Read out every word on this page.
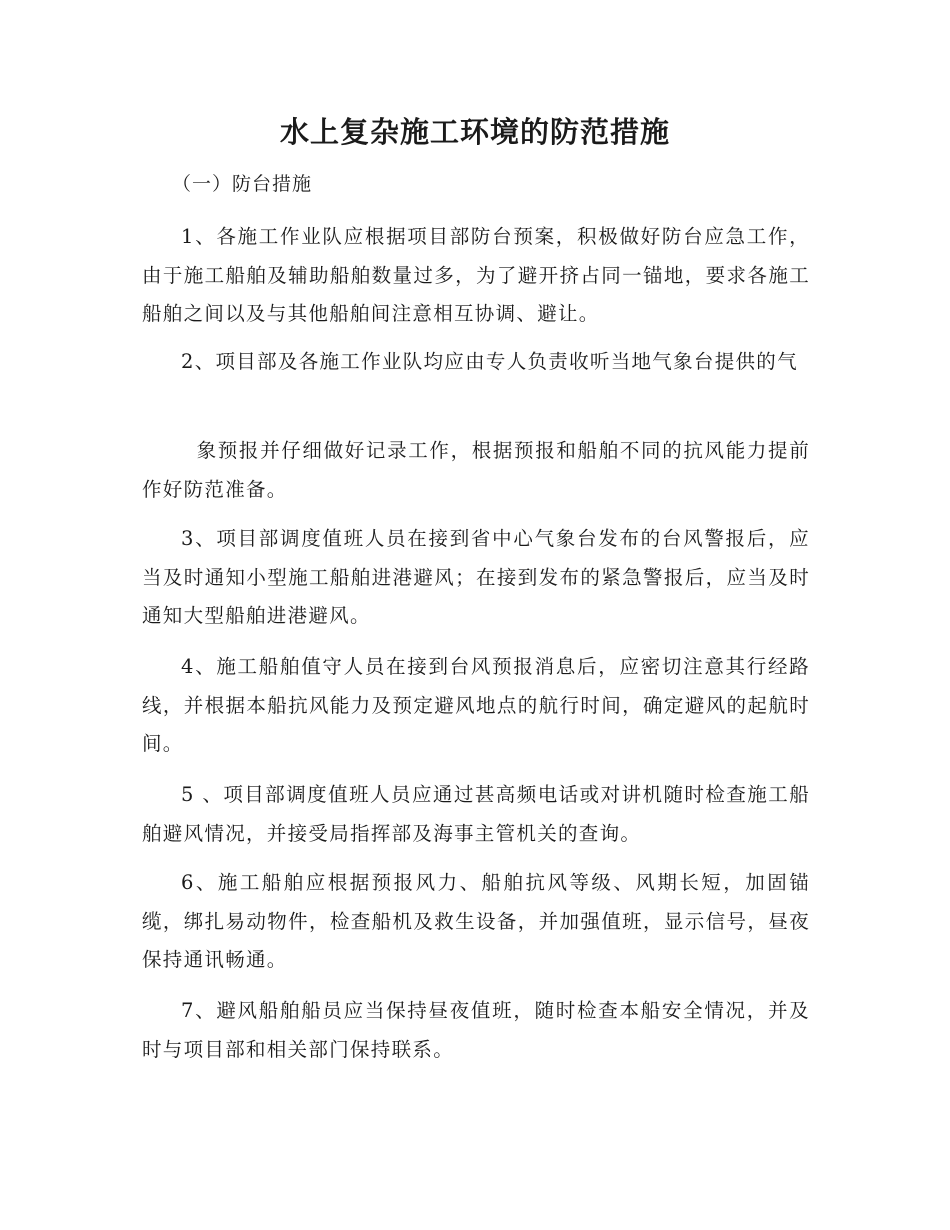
水上复杂施工环境的防范措施
（一）防台措施

1、各施工作业队应根据项目部防台预案，积极做好防台应急工作，由于施工船舶及辅助船舶数量过多，为了避开挤占同一锚地，要求各施工船舶之间以及与其他船舶间注意相互协调、避让。

2、项目部及各施工作业队均应由专人负责收听当地气象台提供的气

象预报并仔细做好记录工作，根据预报和船舶不同的抗风能力提前作好防范准备。

3、项目部调度值班人员在接到省中心气象台发布的台风警报后，应当及时通知小型施工船舶进港避风；在接到发布的紧急警报后，应当及时通知大型船舶进港避风。

4、施工船舶值守人员在接到台风预报消息后，应密切注意其行经路线，并根据本船抗风能力及预定避风地点的航行时间，确定避风的起航时间。

5 、项目部调度值班人员应通过甚高频电话或对讲机随时检查施工船舶避风情况，并接受局指挥部及海事主管机关的查询。

6、施工船舶应根据预报风力、船舶抗风等级、风期长短，加固锚缆，绑扎易动物件，检查船机及救生设备，并加强值班，显示信号，昼夜保持通讯畅通。

7、避风船舶船员应当保持昼夜值班，随时检查本船安全情况，并及时与项目部和相关部门保持联系。
